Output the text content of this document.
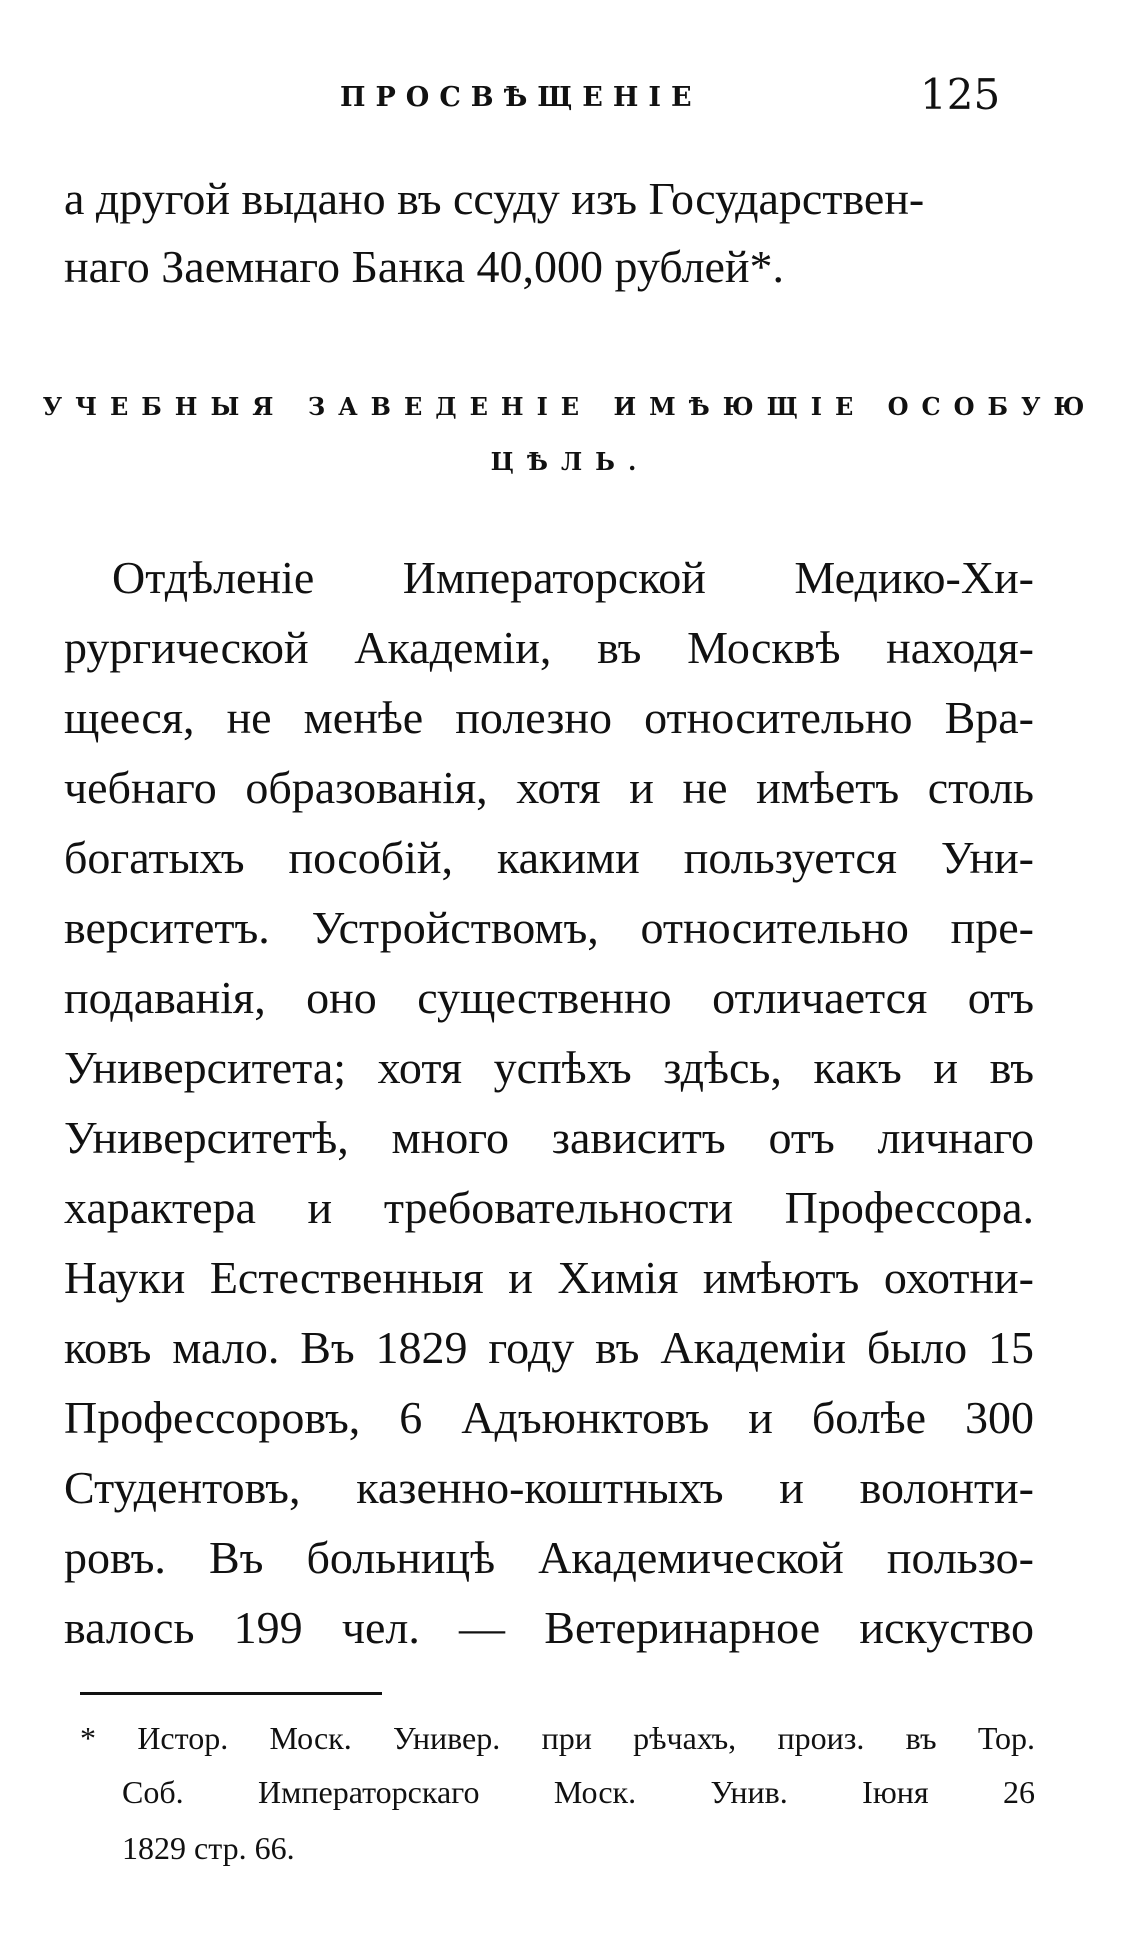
ПРОСВѢЩЕНІЕ	125
а другой выдано въ ссуду изъ Государствен-
наго Заемнаго Банка 40,000 рублей*.
УЧЕБНЫЯ ЗАВЕДЕНІЕ ИМѢЮЩІЕ ОСОБУЮ
ЦѢЛЬ.
Отдѣленіе Императорской Медико-Хи-
рургической Академіи, въ Москвѣ находя-
щееся, не менѣе полезно относительно Вра-
чебнаго образованія, хотя и не имѣетъ столь
богатыхъ пособій, какими пользуется Уни-
верситетъ. Устройствомъ, относительно пре-
подаванія, оно существенно отличается отъ
Университета; хотя успѣхъ здѣсь, какъ и въ
Университетѣ, много зависитъ отъ личнаго
характера и требовательности Профессора.
Науки Естественныя и Химія имѣютъ охотни-
ковъ мало. Въ 1829 году въ Академіи было 15
Профессоровъ, 6 Адъюнктовъ и болѣе 300
Студентовъ, казенно-коштныхъ и волонти-
ровъ. Въ больницѣ Академической пользо-
валось 199 чел. — Ветеринарное искуство
* Истор. Моск. Универ. при рѣчахъ, произ. въ Тор.
Соб. Императорскаго Моск. Унив. Іюня 26
1829 стр. 66.
